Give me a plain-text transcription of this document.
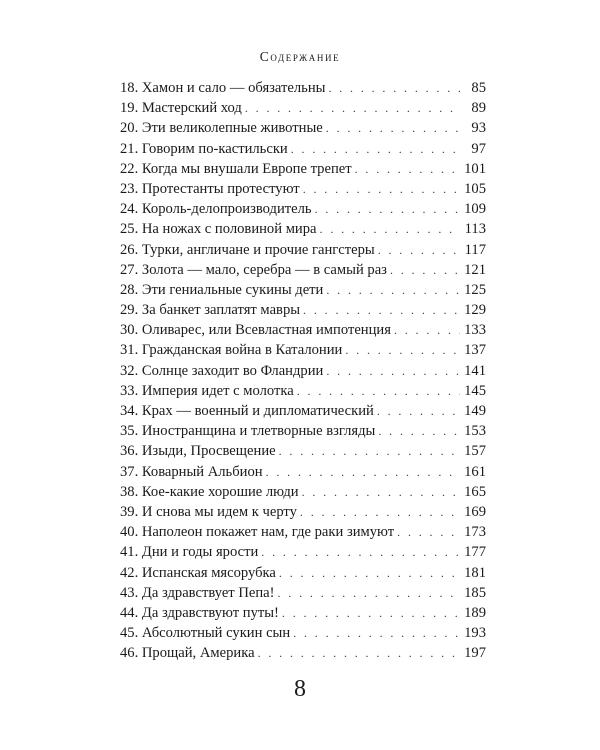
Содержание
18. Хамон и сало — обязательны . . .	85
19. Мастерский ход . . .	89
20. Эти великолепные животные . . .	93
21. Говорим по-кастильски . . .	97
22. Когда мы внушали Европе трепет . . .	101
23. Протестанты протестуют . . .	105
24. Король-делопроизводитель . . .	109
25. На ножах с половиной мира . . .	113
26. Турки, англичане и прочие гангстеры . . .	117
27. Золота — мало, серебра — в самый раз . . .	121
28. Эти гениальные сукины дети . . .	125
29. За банкет заплатят мавры . . .	129
30. Оливарес, или Всевластная импотенция . . .	133
31. Гражданская война в Каталонии . . .	137
32. Солнце заходит во Фландрии . . .	141
33. Империя идет с молотка . . .	145
34. Крах — военный и дипломатический . . .	149
35. Иностранщина и тлетворные взгляды . . .	153
36. Изыди, Просвещение . . .	157
37. Коварный Альбион . . .	161
38. Кое-какие хорошие люди . . .	165
39. И снова мы идем к черту . . .	169
40. Наполеон покажет нам, где раки зимуют . . .	173
41. Дни и годы ярости . . .	177
42. Испанская мясорубка . . .	181
43. Да здравствует Пепа! . . .	185
44. Да здравствуют путы! . . .	189
45. Абсолютный сукин сын . . .	193
46. Прощай, Америка . . .	197
8
